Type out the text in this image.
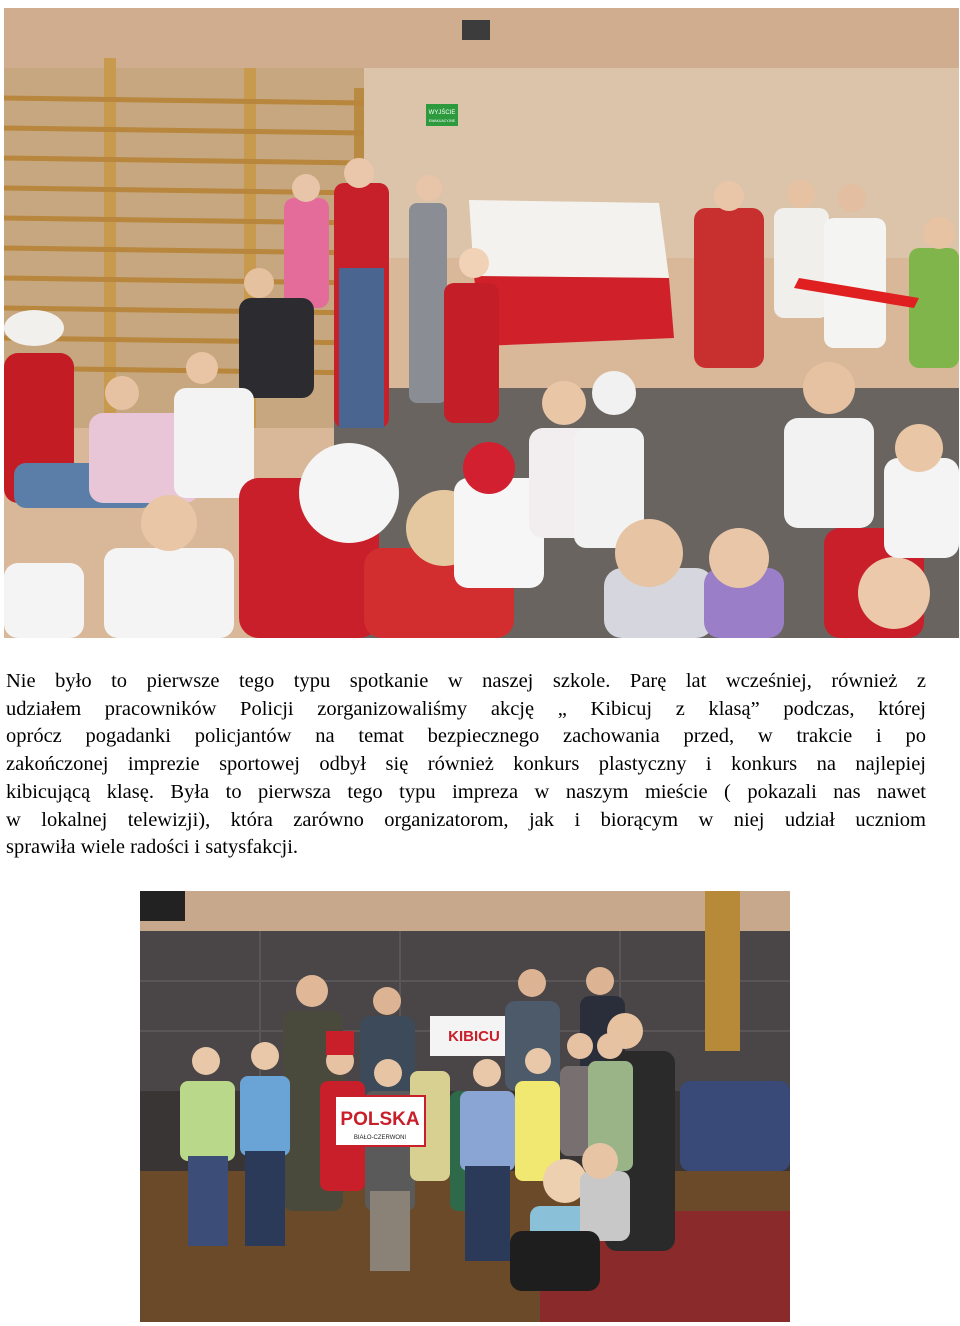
WYJŚCIE
EWAKUACYJNE
Nie było to pierwsze tego typu spotkanie w naszej szkole. Parę lat wcześniej, również z
udziałem pracowników Policji zorganizowaliśmy akcję „ Kibicuj z klasą” podczas, której
oprócz pogadanki policjantów na temat bezpiecznego zachowania przed, w trakcie i po
zakończonej imprezie sportowej odbył się również konkurs plastyczny i konkurs na najlepiej
kibicującą klasę. Była to pierwsza tego typu impreza w naszym mieście ( pokazali nas nawet
w lokalnej telewizji), która zarówno organizatorom, jak i biorącym w niej udział uczniom
sprawiła wiele radości i satysfakcji.
KIBICU
POLSKA
BIAŁO-CZERWONI
